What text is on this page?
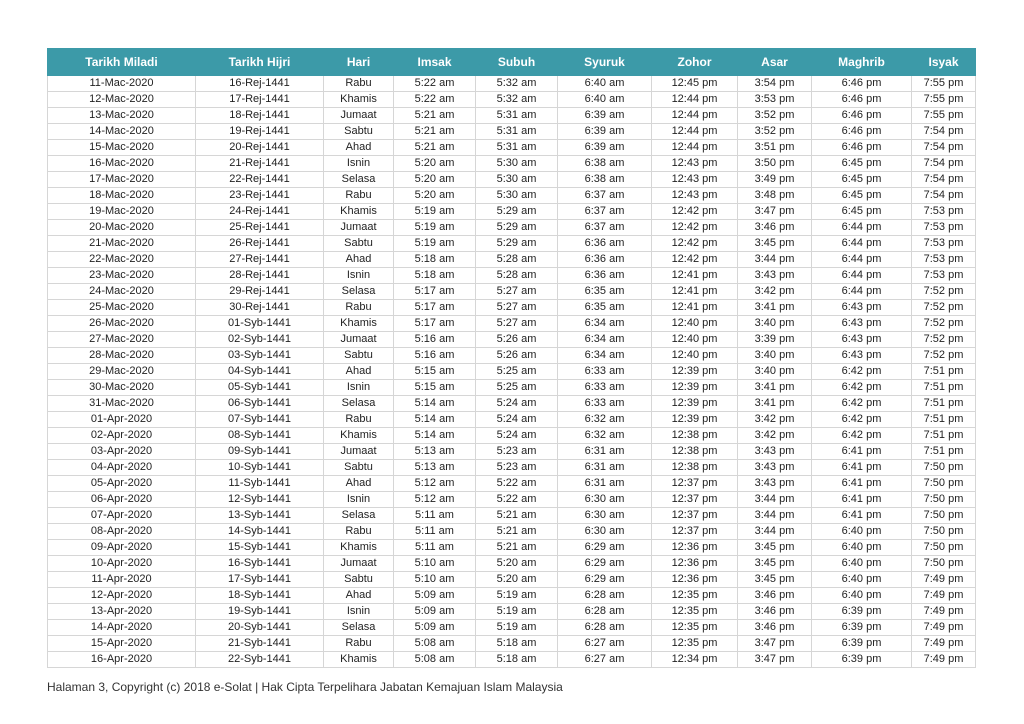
Tarikh Miladi	Tarikh Hijri	Hari	Imsak	Subuh	Syuruk	Zohor	Asar	Maghrib	Isyak
11-Mac-2020	16-Rej-1441	Rabu	5:22 am	5:32 am	6:40 am	12:45 pm	3:54 pm	6:46 pm	7:55 pm
12-Mac-2020	17-Rej-1441	Khamis	5:22 am	5:32 am	6:40 am	12:44 pm	3:53 pm	6:46 pm	7:55 pm
13-Mac-2020	18-Rej-1441	Jumaat	5:21 am	5:31 am	6:39 am	12:44 pm	3:52 pm	6:46 pm	7:55 pm
14-Mac-2020	19-Rej-1441	Sabtu	5:21 am	5:31 am	6:39 am	12:44 pm	3:52 pm	6:46 pm	7:54 pm
15-Mac-2020	20-Rej-1441	Ahad	5:21 am	5:31 am	6:39 am	12:44 pm	3:51 pm	6:46 pm	7:54 pm
16-Mac-2020	21-Rej-1441	Isnin	5:20 am	5:30 am	6:38 am	12:43 pm	3:50 pm	6:45 pm	7:54 pm
17-Mac-2020	22-Rej-1441	Selasa	5:20 am	5:30 am	6:38 am	12:43 pm	3:49 pm	6:45 pm	7:54 pm
18-Mac-2020	23-Rej-1441	Rabu	5:20 am	5:30 am	6:37 am	12:43 pm	3:48 pm	6:45 pm	7:54 pm
19-Mac-2020	24-Rej-1441	Khamis	5:19 am	5:29 am	6:37 am	12:42 pm	3:47 pm	6:45 pm	7:53 pm
20-Mac-2020	25-Rej-1441	Jumaat	5:19 am	5:29 am	6:37 am	12:42 pm	3:46 pm	6:44 pm	7:53 pm
21-Mac-2020	26-Rej-1441	Sabtu	5:19 am	5:29 am	6:36 am	12:42 pm	3:45 pm	6:44 pm	7:53 pm
22-Mac-2020	27-Rej-1441	Ahad	5:18 am	5:28 am	6:36 am	12:42 pm	3:44 pm	6:44 pm	7:53 pm
23-Mac-2020	28-Rej-1441	Isnin	5:18 am	5:28 am	6:36 am	12:41 pm	3:43 pm	6:44 pm	7:53 pm
24-Mac-2020	29-Rej-1441	Selasa	5:17 am	5:27 am	6:35 am	12:41 pm	3:42 pm	6:44 pm	7:52 pm
25-Mac-2020	30-Rej-1441	Rabu	5:17 am	5:27 am	6:35 am	12:41 pm	3:41 pm	6:43 pm	7:52 pm
26-Mac-2020	01-Syb-1441	Khamis	5:17 am	5:27 am	6:34 am	12:40 pm	3:40 pm	6:43 pm	7:52 pm
27-Mac-2020	02-Syb-1441	Jumaat	5:16 am	5:26 am	6:34 am	12:40 pm	3:39 pm	6:43 pm	7:52 pm
28-Mac-2020	03-Syb-1441	Sabtu	5:16 am	5:26 am	6:34 am	12:40 pm	3:40 pm	6:43 pm	7:52 pm
29-Mac-2020	04-Syb-1441	Ahad	5:15 am	5:25 am	6:33 am	12:39 pm	3:40 pm	6:42 pm	7:51 pm
30-Mac-2020	05-Syb-1441	Isnin	5:15 am	5:25 am	6:33 am	12:39 pm	3:41 pm	6:42 pm	7:51 pm
31-Mac-2020	06-Syb-1441	Selasa	5:14 am	5:24 am	6:33 am	12:39 pm	3:41 pm	6:42 pm	7:51 pm
01-Apr-2020	07-Syb-1441	Rabu	5:14 am	5:24 am	6:32 am	12:39 pm	3:42 pm	6:42 pm	7:51 pm
02-Apr-2020	08-Syb-1441	Khamis	5:14 am	5:24 am	6:32 am	12:38 pm	3:42 pm	6:42 pm	7:51 pm
03-Apr-2020	09-Syb-1441	Jumaat	5:13 am	5:23 am	6:31 am	12:38 pm	3:43 pm	6:41 pm	7:51 pm
04-Apr-2020	10-Syb-1441	Sabtu	5:13 am	5:23 am	6:31 am	12:38 pm	3:43 pm	6:41 pm	7:50 pm
05-Apr-2020	11-Syb-1441	Ahad	5:12 am	5:22 am	6:31 am	12:37 pm	3:43 pm	6:41 pm	7:50 pm
06-Apr-2020	12-Syb-1441	Isnin	5:12 am	5:22 am	6:30 am	12:37 pm	3:44 pm	6:41 pm	7:50 pm
07-Apr-2020	13-Syb-1441	Selasa	5:11 am	5:21 am	6:30 am	12:37 pm	3:44 pm	6:41 pm	7:50 pm
08-Apr-2020	14-Syb-1441	Rabu	5:11 am	5:21 am	6:30 am	12:37 pm	3:44 pm	6:40 pm	7:50 pm
09-Apr-2020	15-Syb-1441	Khamis	5:11 am	5:21 am	6:29 am	12:36 pm	3:45 pm	6:40 pm	7:50 pm
10-Apr-2020	16-Syb-1441	Jumaat	5:10 am	5:20 am	6:29 am	12:36 pm	3:45 pm	6:40 pm	7:50 pm
11-Apr-2020	17-Syb-1441	Sabtu	5:10 am	5:20 am	6:29 am	12:36 pm	3:45 pm	6:40 pm	7:49 pm
12-Apr-2020	18-Syb-1441	Ahad	5:09 am	5:19 am	6:28 am	12:35 pm	3:46 pm	6:40 pm	7:49 pm
13-Apr-2020	19-Syb-1441	Isnin	5:09 am	5:19 am	6:28 am	12:35 pm	3:46 pm	6:39 pm	7:49 pm
14-Apr-2020	20-Syb-1441	Selasa	5:09 am	5:19 am	6:28 am	12:35 pm	3:46 pm	6:39 pm	7:49 pm
15-Apr-2020	21-Syb-1441	Rabu	5:08 am	5:18 am	6:27 am	12:35 pm	3:47 pm	6:39 pm	7:49 pm
16-Apr-2020	22-Syb-1441	Khamis	5:08 am	5:18 am	6:27 am	12:34 pm	3:47 pm	6:39 pm	7:49 pm
Halaman 3, Copyright (c) 2018 e-Solat | Hak Cipta Terpelihara Jabatan Kemajuan Islam Malaysia
